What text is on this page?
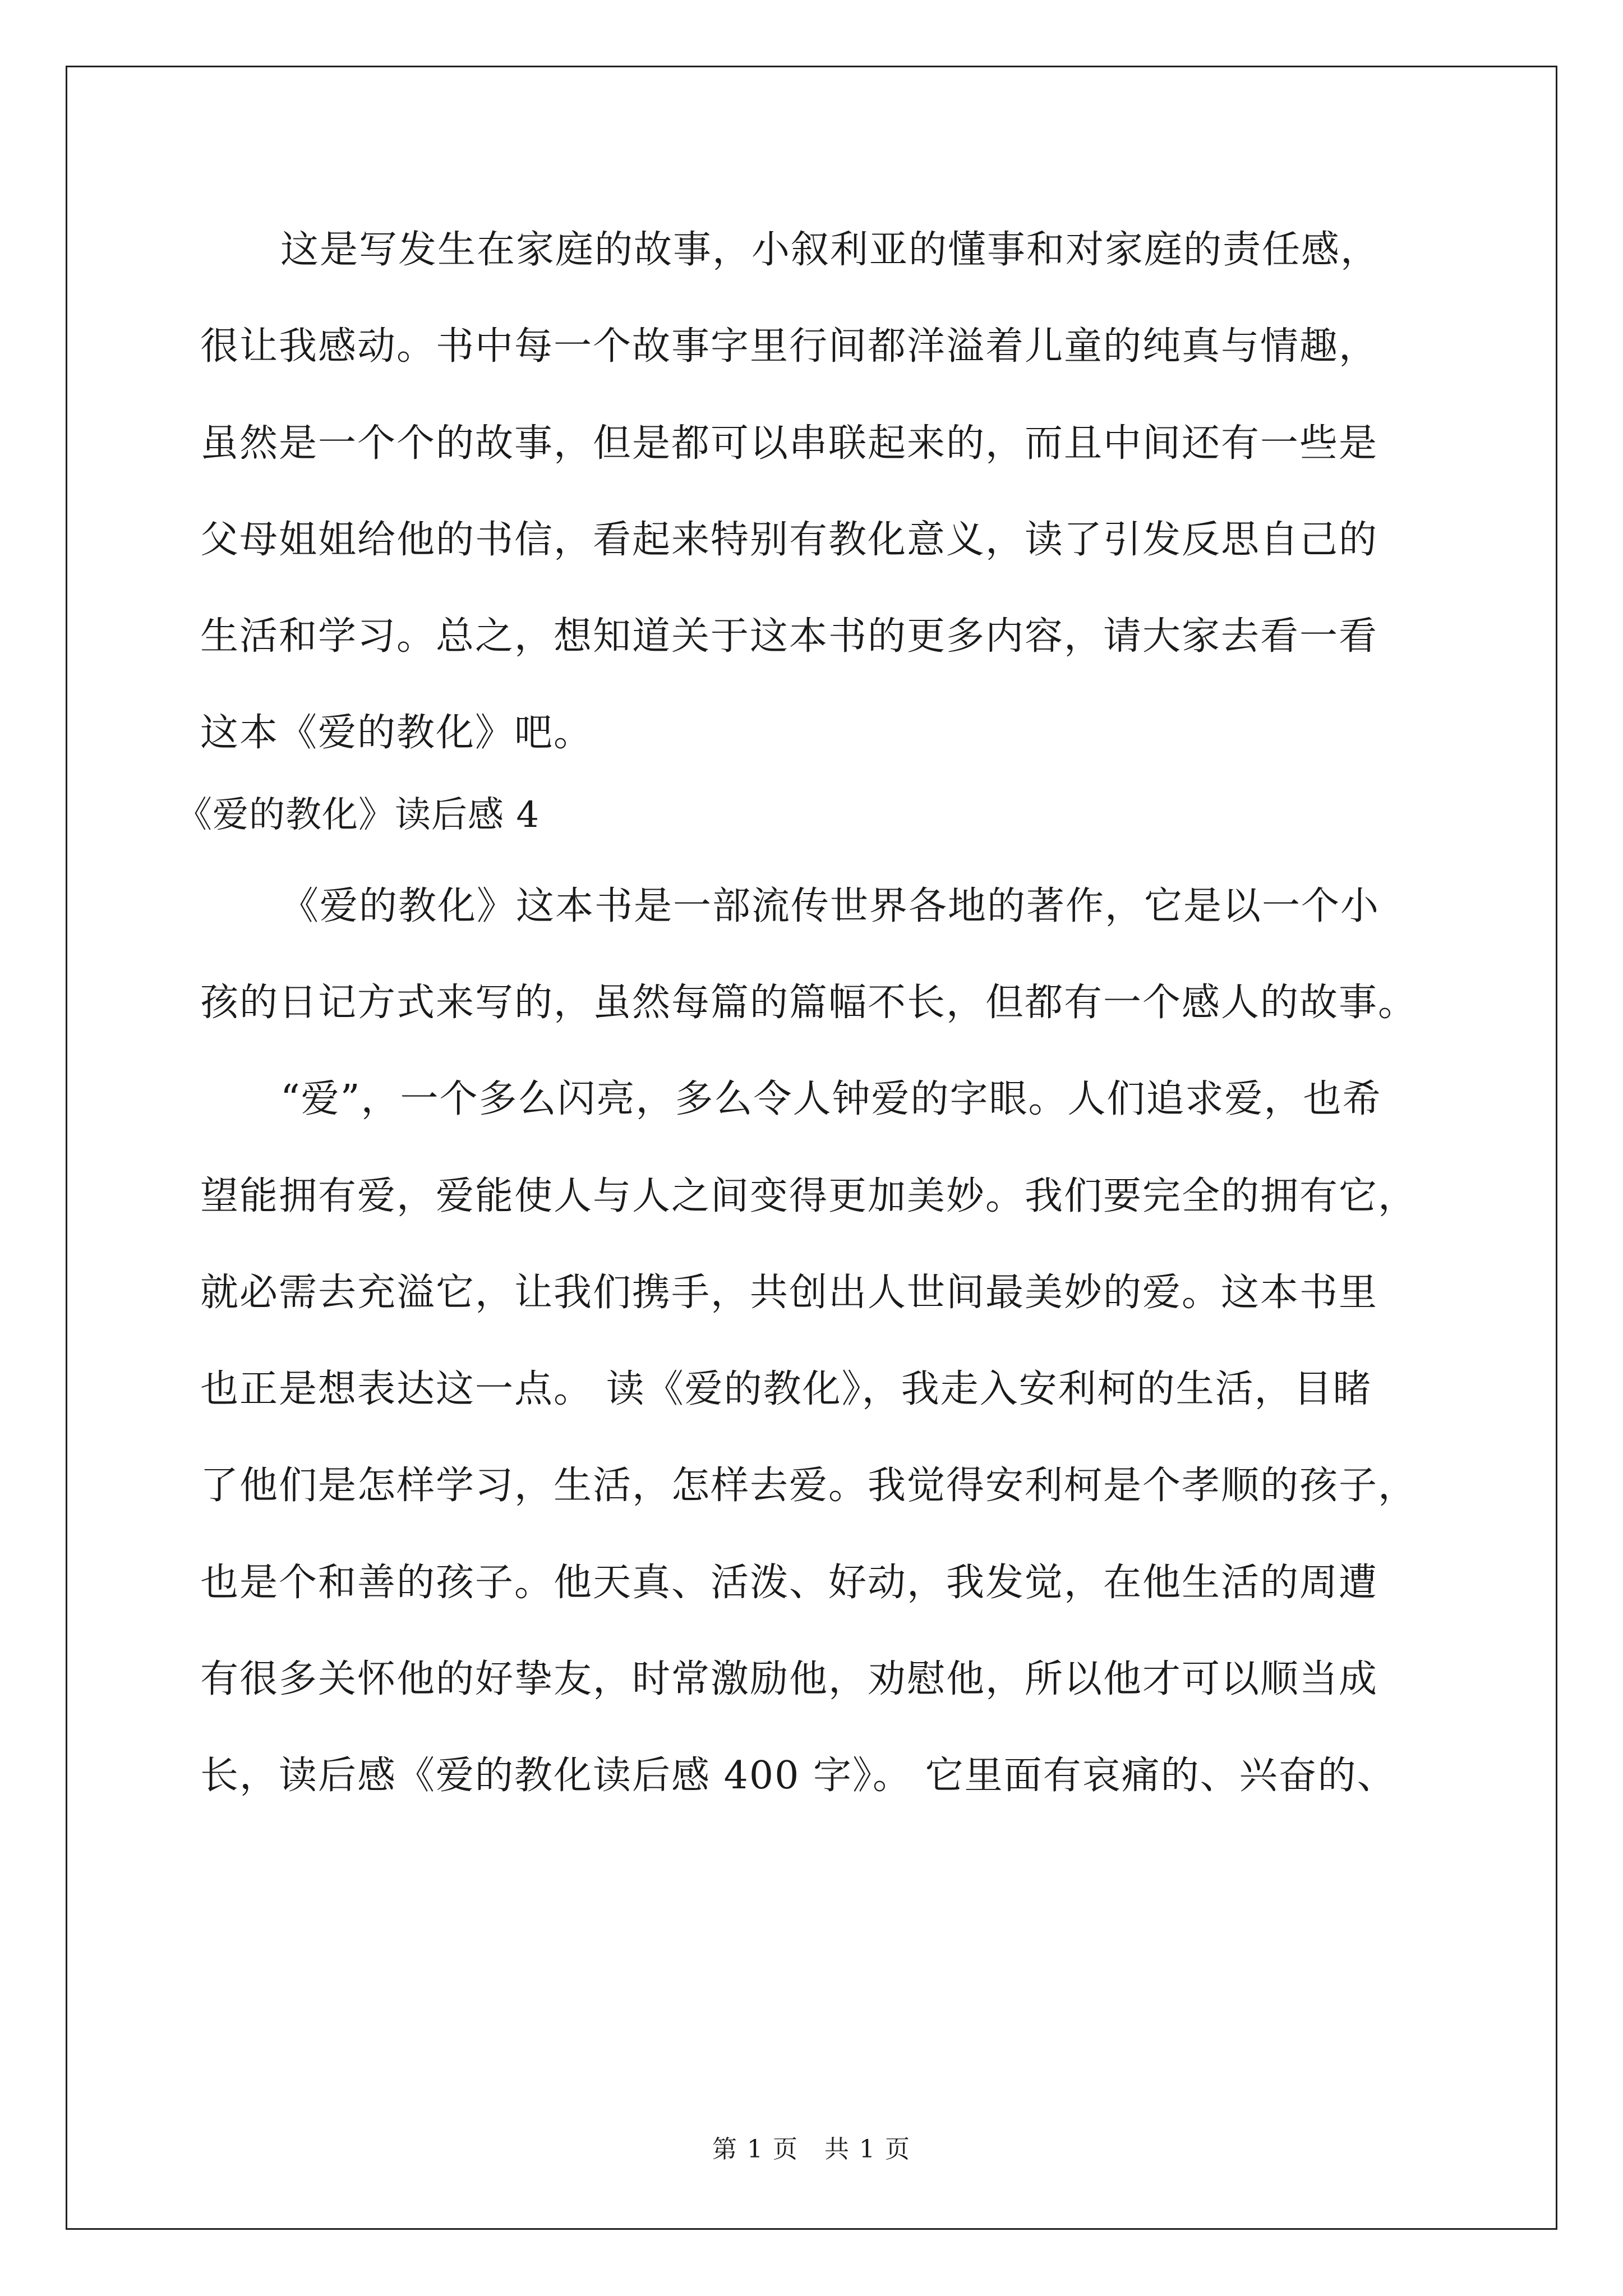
这是写发生在家庭的故事，小叙利亚的懂事和对家庭的责任感，
很让我感动。书中每一个故事字里行间都洋溢着儿童的纯真与情趣，
虽然是一个个的故事，但是都可以串联起来的，而且中间还有一些是
父母姐姐给他的书信，看起来特别有教化意义，读了引发反思自己的
生活和学习。总之，想知道关于这本书的更多内容，请大家去看一看
这本《爱的教化》吧。
《爱的教化》读后感 4
《爱的教化》这本书是一部流传世界各地的著作，它是以一个小
孩的日记方式来写的，虽然每篇的篇幅不长，但都有一个感人的故事。
“爱”，一个多么闪亮，多么令人钟爱的字眼。人们追求爱，也希
望能拥有爱，爱能使人与人之间变得更加美妙。我们要完全的拥有它，
就必需去充溢它，让我们携手，共创出人世间最美妙的爱。这本书里
也正是想表达这一点。 读《爱的教化》，我走入安利柯的生活，目睹
了他们是怎样学习，生活，怎样去爱。我觉得安利柯是个孝顺的孩子，
也是个和善的孩子。他天真、活泼、好动，我发觉，在他生活的周遭
有很多关怀他的好挚友，时常激励他，劝慰他，所以他才可以顺当成
长，读后感《爱的教化读后感 400 字》。 它里面有哀痛的、兴奋的、
第 1 页　共 1 页
